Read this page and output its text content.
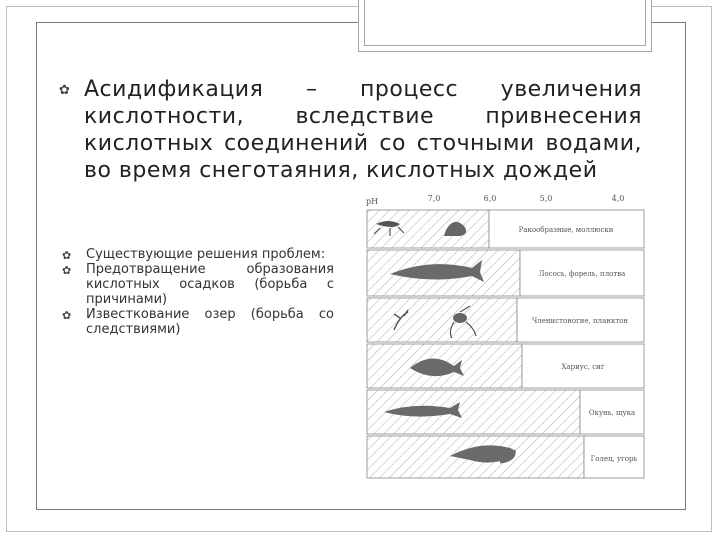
✿ Асидификация – процесс увеличения кислотности, вследствие привнесения кислотных соединений со сточными водами, во время снеготаяния, кислотных дождей
✿ Существующие решения проблем:
✿ Предотвращение образования кислотных осадков (борьба с причинами)
✿ Известкование озер (борьба со следствиями)
pH	7,0	6,0	5,0	4,0
Ракообразные, моллюски
Лосось, форель, плотва
Членистоногие, планктон
Хариус, сиг
Окунь, щука
Голец, угорь
